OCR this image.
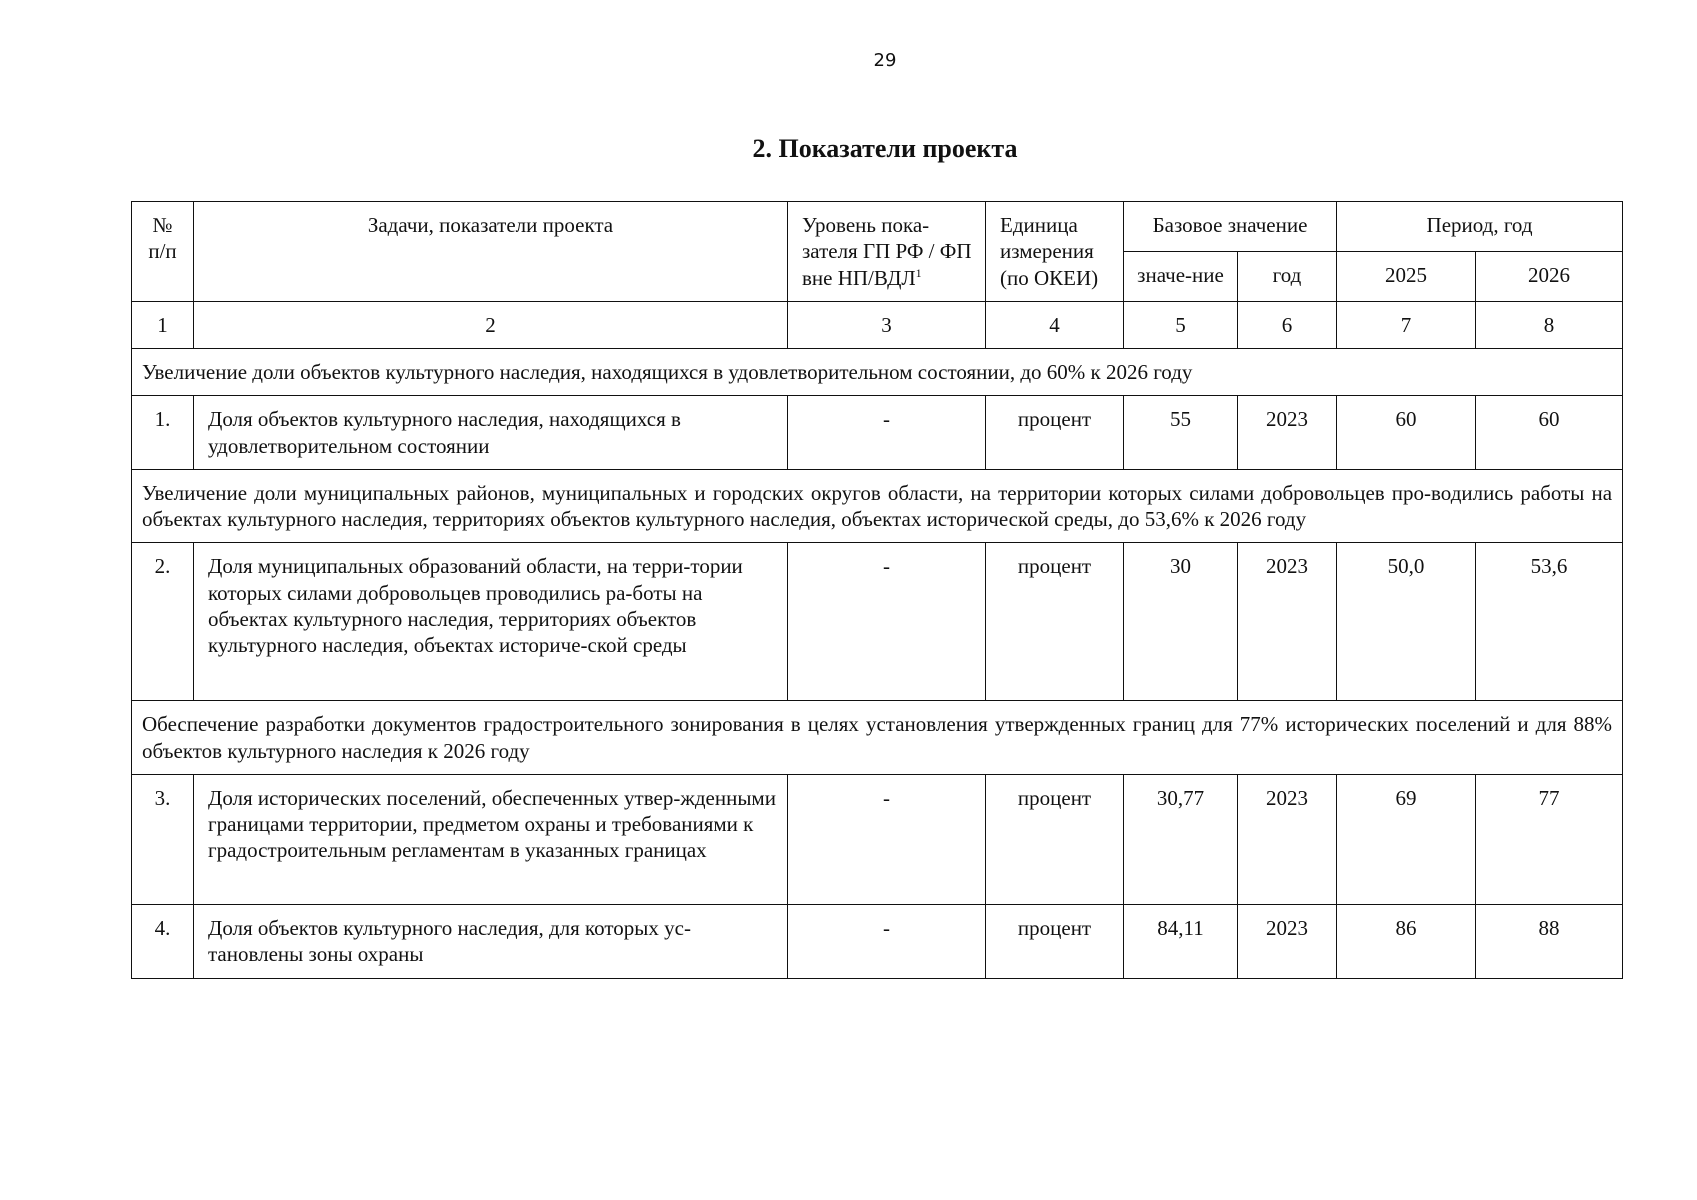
29
2. Показатели проекта
№ п/п	Задачи, показатели проекта	Уровень пока-зателя ГП РФ / ФП вне НП/ВДЛ$^1$	Единица измерения (по ОКЕИ)	Базовое значение		Период, год	
				значе-ние	год	2025	2026
1	2	3	4	5	6	7	8
Увеличение доли объектов культурного наследия, находящихся в удовлетворительном состоянии, до 60% к 2026 году							
1.	Доля объектов культурного наследия, находящихся в удовлетворительном состоянии	-	процент	55	2023	60	60
Увеличение доли муниципальных районов, муниципальных и городских округов области, на территории которых силами добровольцев про-водились работы на объектах культурного наследия, территориях объектов культурного наследия, объектах исторической среды, до 53,6% к 2026 году							
2.	Доля муниципальных образований области, на терри-тории которых силами добровольцев проводились ра-боты на объектах культурного наследия, территориях объектов культурного наследия, объектах историче-ской среды	-	процент	30	2023	50,0	53,6
Обеспечение разработки документов градостроительного зонирования в целях установления утвержденных границ для 77% исторических поселений и для 88% объектов культурного наследия к 2026 году							
3.	Доля исторических поселений, обеспеченных утвер-жденными границами территории, предметом охраны и требованиями к градостроительным регламентам в указанных границах	-	процент	30,77	2023	69	77
4.	Доля объектов культурного наследия, для которых ус-тановлены зоны охраны	-	процент	84,11	2023	86	88
